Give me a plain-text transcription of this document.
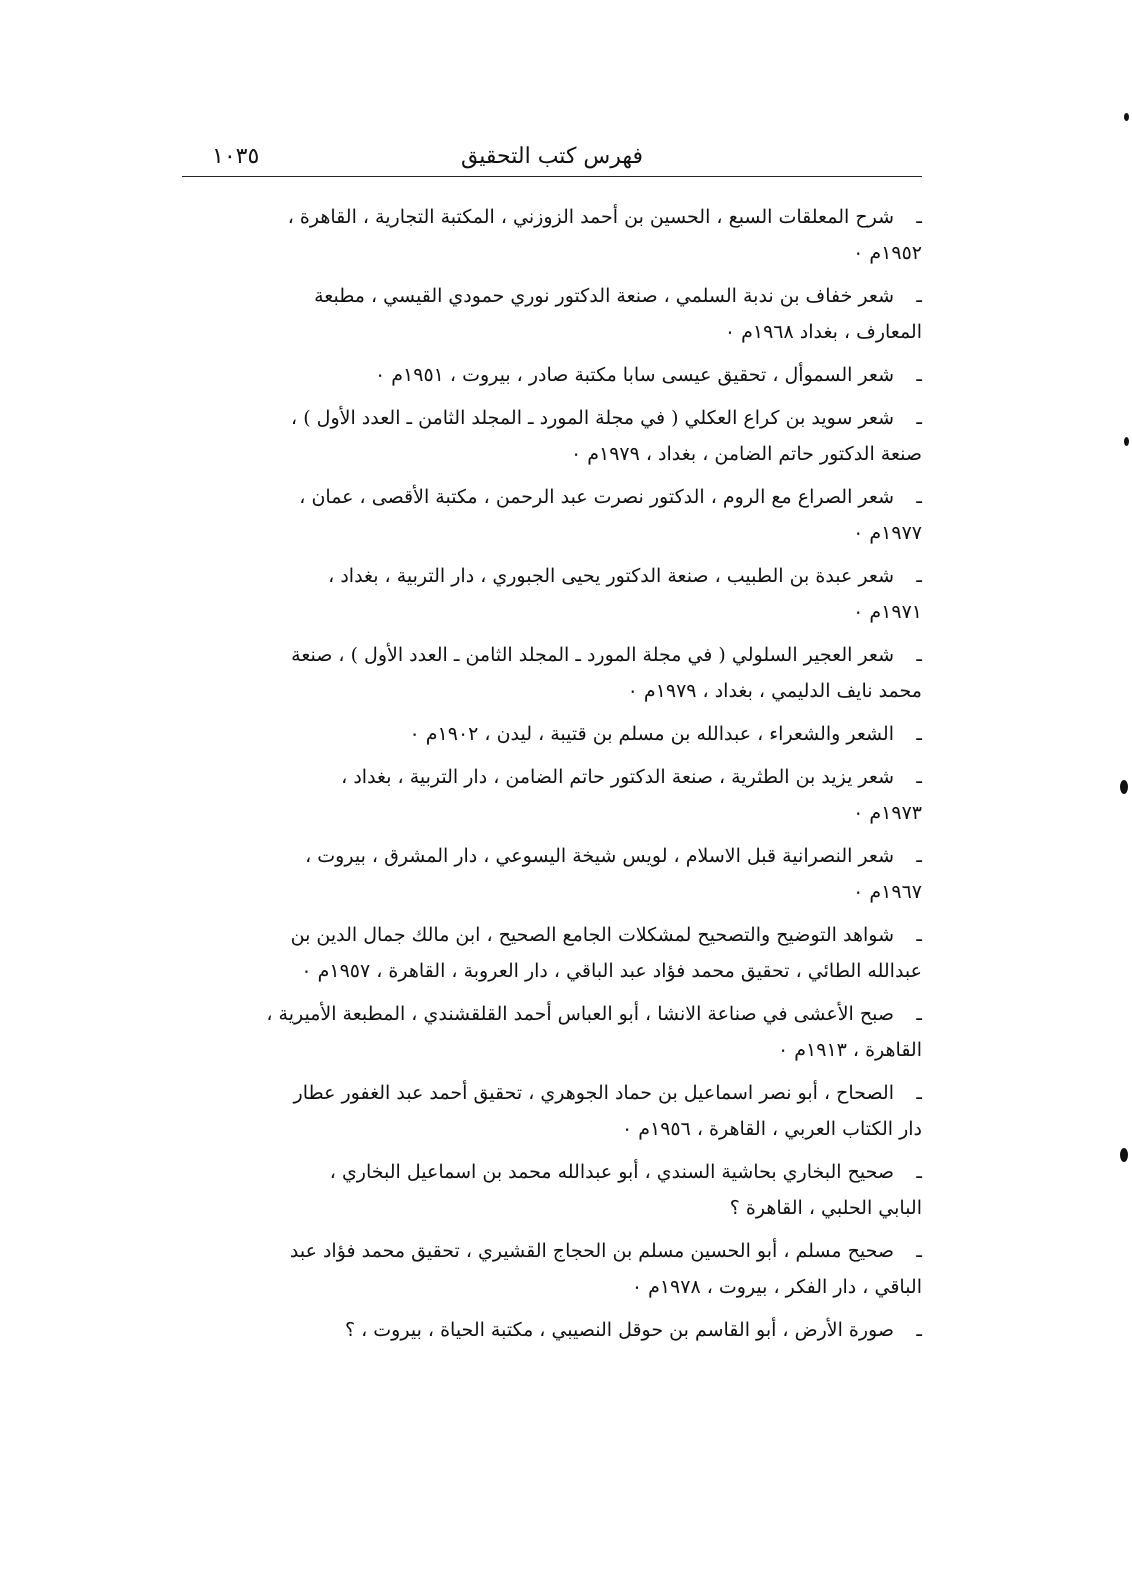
فهرس كتب التحقيق
١٠٣٥
ـشرح المعلقات السبع ، الحسين بن أحمد الزوزني ، المكتبة التجارية ، القاهرة ،
١٩٥٢م ٠
ـشعر خفاف بن ندبة السلمي ، صنعة الدكتور نوري حمودي القيسي ، مطبعة
المعارف ، بغداد ١٩٦٨م ٠
ـشعر السموأل ، تحقيق عيسى سابا مكتبة صادر ، بيروت ، ١٩٥١م ٠
ـشعر سويد بن كراع العكلي ( في مجلة المورد ـ المجلد الثامن ـ العدد الأول ) ،
صنعة الدكتور حاتم الضامن ، بغداد ، ١٩٧٩م ٠
ـشعر الصراع مع الروم ، الدكتور نصرت عبد الرحمن ، مكتبة الأقصى ، عمان ،
١٩٧٧م ٠
ـشعر عبدة بن الطبيب ، صنعة الدكتور يحيى الجبوري ، دار التربية ، بغداد ،
١٩٧١م ٠
ـشعر العجير السلولي ( في مجلة المورد ـ المجلد الثامن ـ العدد الأول ) ، صنعة
محمد نايف الدليمي ، بغداد ، ١٩٧٩م ٠
ـالشعر والشعراء ، عبدالله بن مسلم بن قتيبة ، ليدن ، ١٩٠٢م ٠
ـشعر يزيد بن الطثرية ، صنعة الدكتور حاتم الضامن ، دار التربية ، بغداد ،
١٩٧٣م ٠
ـشعر النصرانية قبل الاسلام ، لويس شيخة اليسوعي ، دار المشرق ، بيروت ،
١٩٦٧م ٠
ـشواهد التوضيح والتصحيح لمشكلات الجامع الصحيح ، ابن مالك جمال الدين بن
عبدالله الطائي ، تحقيق محمد فؤاد عبد الباقي ، دار العروبة ، القاهرة ، ١٩٥٧م ٠
ـصبح الأعشى في صناعة الانشا ، أبو العباس أحمد القلقشندي ، المطبعة الأميرية ،
القاهرة ، ١٩١٣م ٠
ـالصحاح ، أبو نصر اسماعيل بن حماد الجوهري ، تحقيق أحمد عبد الغفور عطار
دار الكتاب العربي ، القاهرة ، ١٩٥٦م ٠
ـصحيح البخاري بحاشية السندي ، أبو عبدالله محمد بن اسماعيل البخاري ،
البابي الحلبي ، القاهرة ؟
ـصحيح مسلم ، أبو الحسين مسلم بن الحجاج القشيري ، تحقيق محمد فؤاد عبد
الباقي ، دار الفكر ، بيروت ، ١٩٧٨م ٠
ـصورة الأرض ، أبو القاسم بن حوقل النصيبي ، مكتبة الحياة ، بيروت ، ؟
